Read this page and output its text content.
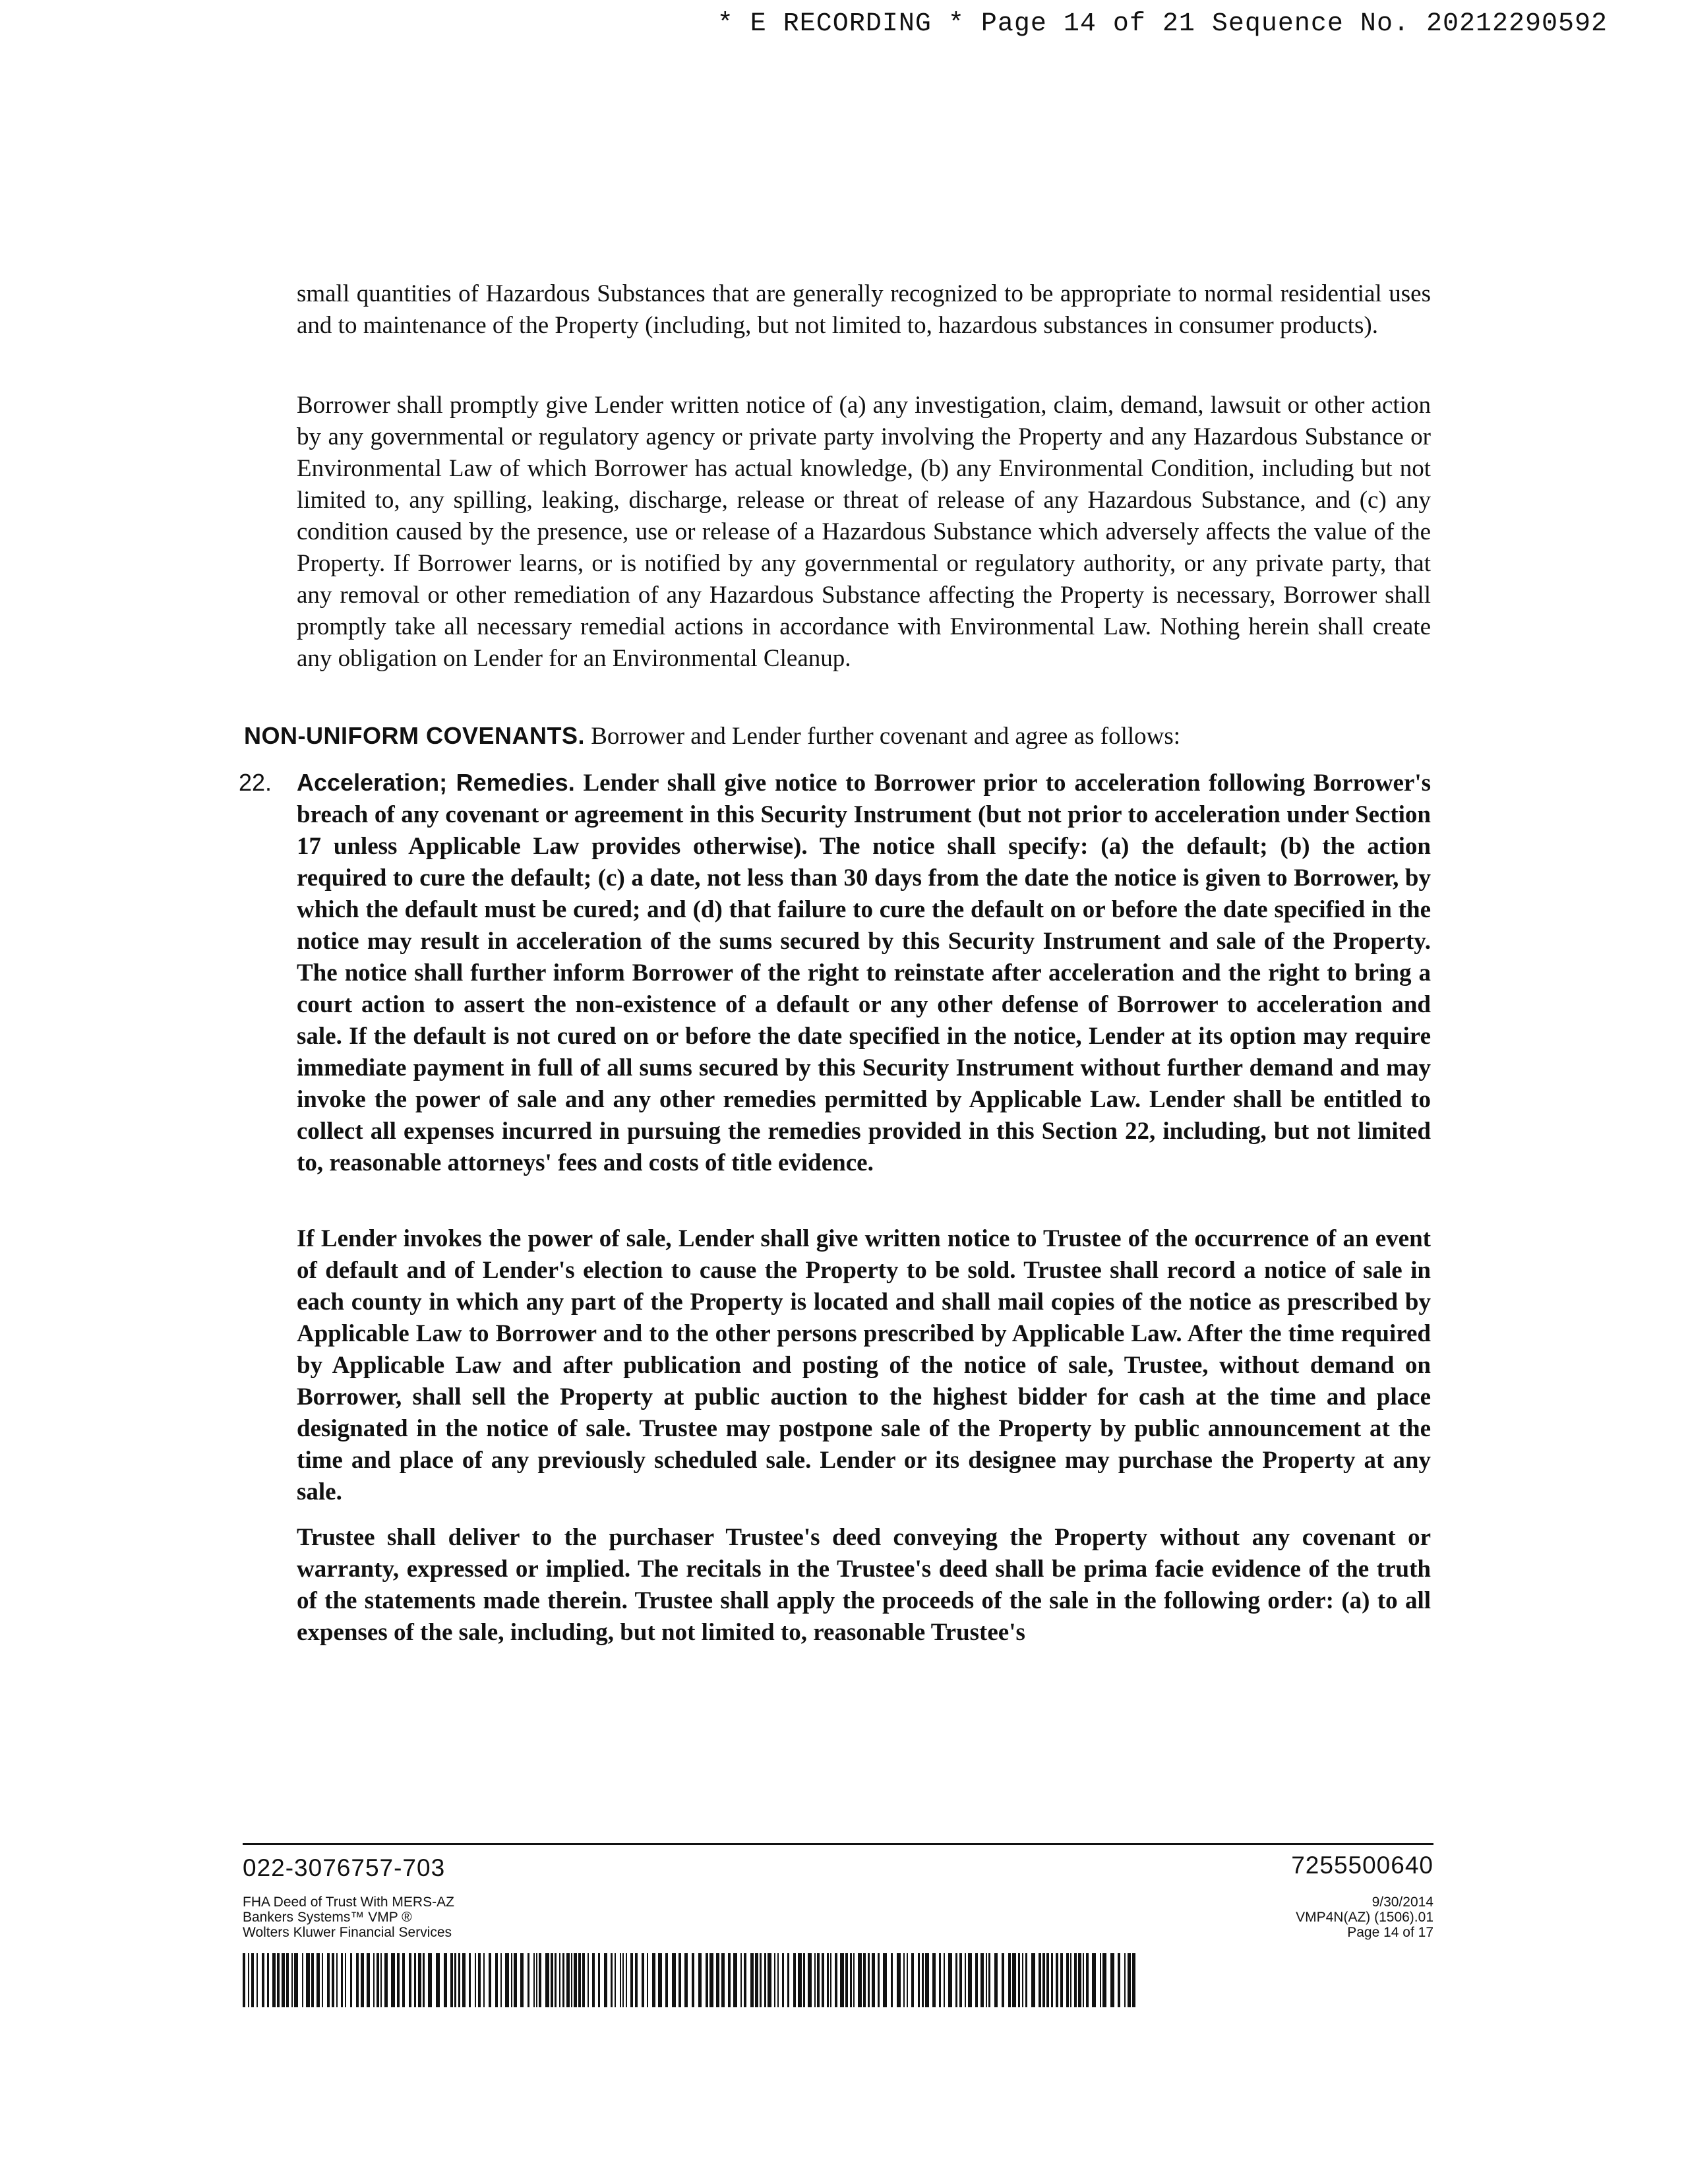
* E RECORDING * Page 14 of 21 Sequence No. 20212290592

small quantities of Hazardous Substances that are generally recognized to be appropriate to normal residential uses and to maintenance of the Property (including, but not limited to, hazardous substances in consumer products).

Borrower shall promptly give Lender written notice of (a) any investigation, claim, demand, lawsuit or other action by any governmental or regulatory agency or private party involving the Property and any Hazardous Substance or Environmental Law of which Borrower has actual knowledge, (b) any Environmental Condition, including but not limited to, any spilling, leaking, discharge, release or threat of release of any Hazardous Substance, and (c) any condition caused by the presence, use or release of a Hazardous Substance which adversely affects the value of the Property. If Borrower learns, or is notified by any governmental or regulatory authority, or any private party, that any removal or other remediation of any Hazardous Substance affecting the Property is necessary, Borrower shall promptly take all necessary remedial actions in accordance with Environmental Law. Nothing herein shall create any obligation on Lender for an Environmental Cleanup.

NON-UNIFORM COVENANTS. Borrower and Lender further covenant and agree as follows:
22. Acceleration; Remedies. Lender shall give notice to Borrower prior to acceleration following Borrower's breach of any covenant or agreement in this Security Instrument (but not prior to acceleration under Section 17 unless Applicable Law provides otherwise). The notice shall specify: (a) the default; (b) the action required to cure the default; (c) a date, not less than 30 days from the date the notice is given to Borrower, by which the default must be cured; and (d) that failure to cure the default on or before the date specified in the notice may result in acceleration of the sums secured by this Security Instrument and sale of the Property. The notice shall further inform Borrower of the right to reinstate after acceleration and the right to bring a court action to assert the non-existence of a default or any other defense of Borrower to acceleration and sale. If the default is not cured on or before the date specified in the notice, Lender at its option may require immediate payment in full of all sums secured by this Security Instrument without further demand and may invoke the power of sale and any other remedies permitted by Applicable Law. Lender shall be entitled to collect all expenses incurred in pursuing the remedies provided in this Section 22, including, but not limited to, reasonable attorneys' fees and costs of title evidence.

If Lender invokes the power of sale, Lender shall give written notice to Trustee of the occurrence of an event of default and of Lender's election to cause the Property to be sold. Trustee shall record a notice of sale in each county in which any part of the Property is located and shall mail copies of the notice as prescribed by Applicable Law to Borrower and to the other persons prescribed by Applicable Law. After the time required by Applicable Law and after publication and posting of the notice of sale, Trustee, without demand on Borrower, shall sell the Property at public auction to the highest bidder for cash at the time and place designated in the notice of sale. Trustee may postpone sale of the Property by public announcement at the time and place of any previously scheduled sale. Lender or its designee may purchase the Property at any sale.

Trustee shall deliver to the purchaser Trustee's deed conveying the Property without any covenant or warranty, expressed or implied. The recitals in the Trustee's deed shall be prima facie evidence of the truth of the statements made therein. Trustee shall apply the proceeds of the sale in the following order: (a) to all expenses of the sale, including, but not limited to, reasonable Trustee's

022-3076757-703	7255500640
FHA Deed of Trust With MERS-AZ
Bankers Systems™ VMP ®
Wolters Kluwer Financial Services
9/30/2014
VMP4N(AZ) (1506).01
Page 14 of 17
